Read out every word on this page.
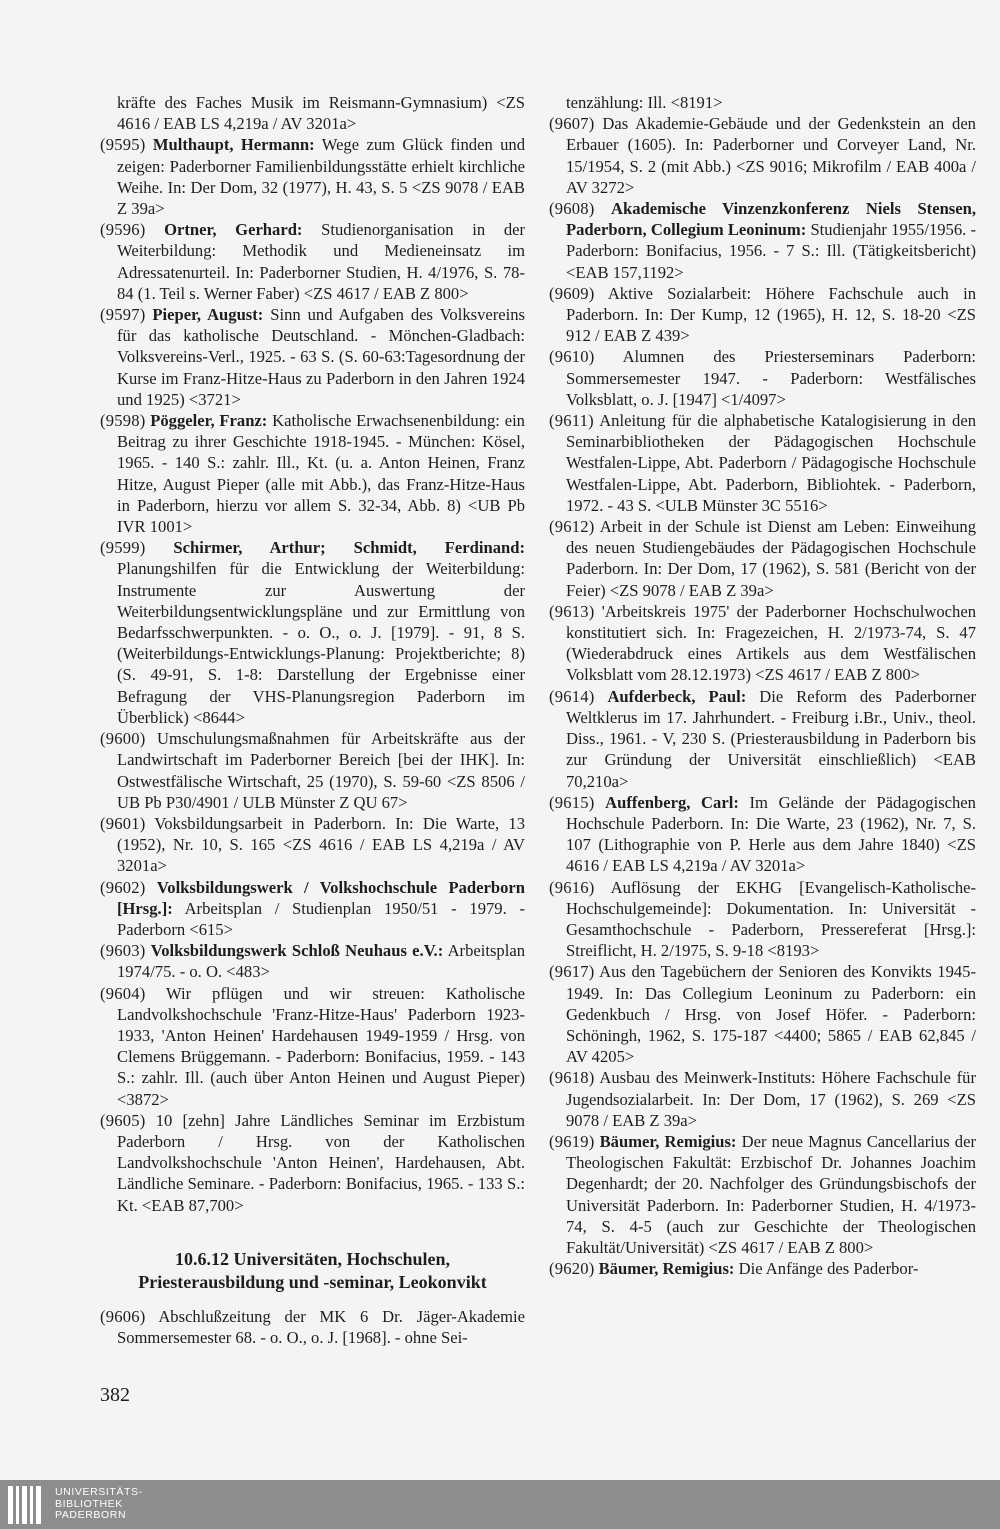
kräfte des Faches Musik im Reismann-Gymnasium) <ZS 4616 / EAB LS 4,219a / AV 3201a>

(9595) Multhaupt, Hermann: Wege zum Glück finden und zeigen: Paderborner Familienbildungsstätte erhielt kirchliche Weihe. In: Der Dom, 32 (1977), H. 43, S. 5 <ZS 9078 / EAB Z 39a>

(9596) Ortner, Gerhard: Studienorganisation in der Weiterbildung: Methodik und Medieneinsatz im Adressatenurteil. In: Paderborner Studien, H. 4/1976, S. 78-84 (1. Teil s. Werner Faber) <ZS 4617 / EAB Z 800>

(9597) Pieper, August: Sinn und Aufgaben des Volksvereins für das katholische Deutschland. - Mönchen-Gladbach: Volksvereins-Verl., 1925. - 63 S. (S. 60-63:Tagesordnung der Kurse im Franz-Hitze-Haus zu Paderborn in den Jahren 1924 und 1925) <3721>

(9598) Pöggeler, Franz: Katholische Erwachsenenbildung: ein Beitrag zu ihrer Geschichte 1918-1945. - München: Kösel, 1965. - 140 S.: zahlr. Ill., Kt. (u. a. Anton Heinen, Franz Hitze, August Pieper (alle mit Abb.), das Franz-Hitze-Haus in Paderborn, hierzu vor allem S. 32-34, Abb. 8) <UB Pb IVR 1001>

(9599) Schirmer, Arthur; Schmidt, Ferdinand: Planungshilfen für die Entwicklung der Weiterbildung: Instrumente zur Auswertung der Weiterbildungsentwicklungspläne und zur Ermittlung von Bedarfsschwerpunkten. - o. O., o. J. [1979]. - 91, 8 S. (Weiterbildungs-Entwicklungs-Planung: Projektberichte; 8) (S. 49-91, S. 1-8: Darstellung der Ergebnisse einer Befragung der VHS-Planungsregion Paderborn im Überblick) <8644>

(9600) Umschulungsmaßnahmen für Arbeitskräfte aus der Landwirtschaft im Paderborner Bereich [bei der IHK]. In: Ostwestfälische Wirtschaft, 25 (1970), S. 59-60 <ZS 8506 / UB Pb P30/4901 / ULB Münster Z QU 67>

(9601) Voksbildungsarbeit in Paderborn. In: Die Warte, 13 (1952), Nr. 10, S. 165 <ZS 4616 / EAB LS 4,219a / AV 3201a>

(9602) Volksbildungswerk / Volkshochschule Paderborn [Hrsg.]: Arbeitsplan / Studienplan 1950/51 - 1979. - Paderborn <615>

(9603) Volksbildungswerk Schloß Neuhaus e.V.: Arbeitsplan 1974/75. - o. O. <483>

(9604) Wir pflügen und wir streuen: Katholische Landvolkshochschule 'Franz-Hitze-Haus' Paderborn 1923-1933, 'Anton Heinen' Hardehausen 1949-1959 / Hrsg. von Clemens Brüggemann. - Paderborn: Bonifacius, 1959. - 143 S.: zahlr. Ill. (auch über Anton Heinen und August Pieper) <3872>

(9605) 10 [zehn] Jahre Ländliches Seminar im Erzbistum Paderborn / Hrsg. von der Katholischen Landvolkshochschule 'Anton Heinen', Hardehausen, Abt. Ländliche Seminare. - Paderborn: Bonifacius, 1965. - 133 S.: Kt. <EAB 87,700>

10.6.12 Universitäten, Hochschulen, Priesterausbildung und -seminar, Leokonvikt

(9606) Abschlußzeitung der MK 6 Dr. Jäger-Akademie Sommersemester 68. - o. O., o. J. [1968]. - ohne Sei-

tenzählung: Ill. <8191>

(9607) Das Akademie-Gebäude und der Gedenkstein an den Erbauer (1605). In: Paderborner und Corveyer Land, Nr. 15/1954, S. 2 (mit Abb.) <ZS 9016; Mikrofilm / EAB 400a / AV 3272>

(9608) Akademische Vinzenzkonferenz Niels Stensen, Paderborn, Collegium Leoninum: Studienjahr 1955/1956. - Paderborn: Bonifacius, 1956. - 7 S.: Ill. (Tätigkeitsbericht) <EAB 157,1192>

(9609) Aktive Sozialarbeit: Höhere Fachschule auch in Paderborn. In: Der Kump, 12 (1965), H. 12, S. 18-20 <ZS 912 / EAB Z 439>

(9610) Alumnen des Priesterseminars Paderborn: Sommersemester 1947. - Paderborn: Westfälisches Volksblatt, o. J. [1947] <1/4097>

(9611) Anleitung für die alphabetische Katalogisierung in den Seminarbibliotheken der Pädagogischen Hochschule Westfalen-Lippe, Abt. Paderborn / Pädagogische Hochschule Westfalen-Lippe, Abt. Paderborn, Bibliohtek. - Paderborn, 1972. - 43 S. <ULB Münster 3C 5516>

(9612) Arbeit in der Schule ist Dienst am Leben: Einweihung des neuen Studiengebäudes der Pädagogischen Hochschule Paderborn. In: Der Dom, 17 (1962), S. 581 (Bericht von der Feier) <ZS 9078 / EAB Z 39a>

(9613) 'Arbeitskreis 1975' der Paderborner Hochschulwochen konstitutiert sich. In: Fragezeichen, H. 2/1973-74, S. 47 (Wiederabdruck eines Artikels aus dem Westfälischen Volksblatt vom 28.12.1973) <ZS 4617 / EAB Z 800>

(9614) Aufderbeck, Paul: Die Reform des Paderborner Weltklerus im 17. Jahrhundert. - Freiburg i.Br., Univ., theol. Diss., 1961. - V, 230 S. (Priesterausbildung in Paderborn bis zur Gründung der Universität einschließlich) <EAB 70,210a>

(9615) Auffenberg, Carl: Im Gelände der Pädagogischen Hochschule Paderborn. In: Die Warte, 23 (1962), Nr. 7, S. 107 (Lithographie von P. Herle aus dem Jahre 1840) <ZS 4616 / EAB LS 4,219a / AV 3201a>

(9616) Auflösung der EKHG [Evangelisch-Katholische-Hochschulgemeinde]: Dokumentation. In: Universität - Gesamthochschule - Paderborn, Pressereferat [Hrsg.]: Streiflicht, H. 2/1975, S. 9-18 <8193>

(9617) Aus den Tagebüchern der Senioren des Konvikts 1945-1949. In: Das Collegium Leoninum zu Paderborn: ein Gedenkbuch / Hrsg. von Josef Höfer. - Paderborn: Schöningh, 1962, S. 175-187 <4400; 5865 / EAB 62,845 / AV 4205>

(9618) Ausbau des Meinwerk-Instituts: Höhere Fachschule für Jugendsozialarbeit. In: Der Dom, 17 (1962), S. 269 <ZS 9078 / EAB Z 39a>

(9619) Bäumer, Remigius: Der neue Magnus Cancellarius der Theologischen Fakultät: Erzbischof Dr. Johannes Joachim Degenhardt; der 20. Nachfolger des Gründungsbischofs der Universität Paderborn. In: Paderborner Studien, H. 4/1973-74, S. 4-5 (auch zur Geschichte der Theologischen Fakultät/Universität) <ZS 4617 / EAB Z 800>

(9620) Bäumer, Remigius: Die Anfänge des Paderbor-

382
UNIVERSITÄTS-
BIBLIOTHEK
PADERBORN
